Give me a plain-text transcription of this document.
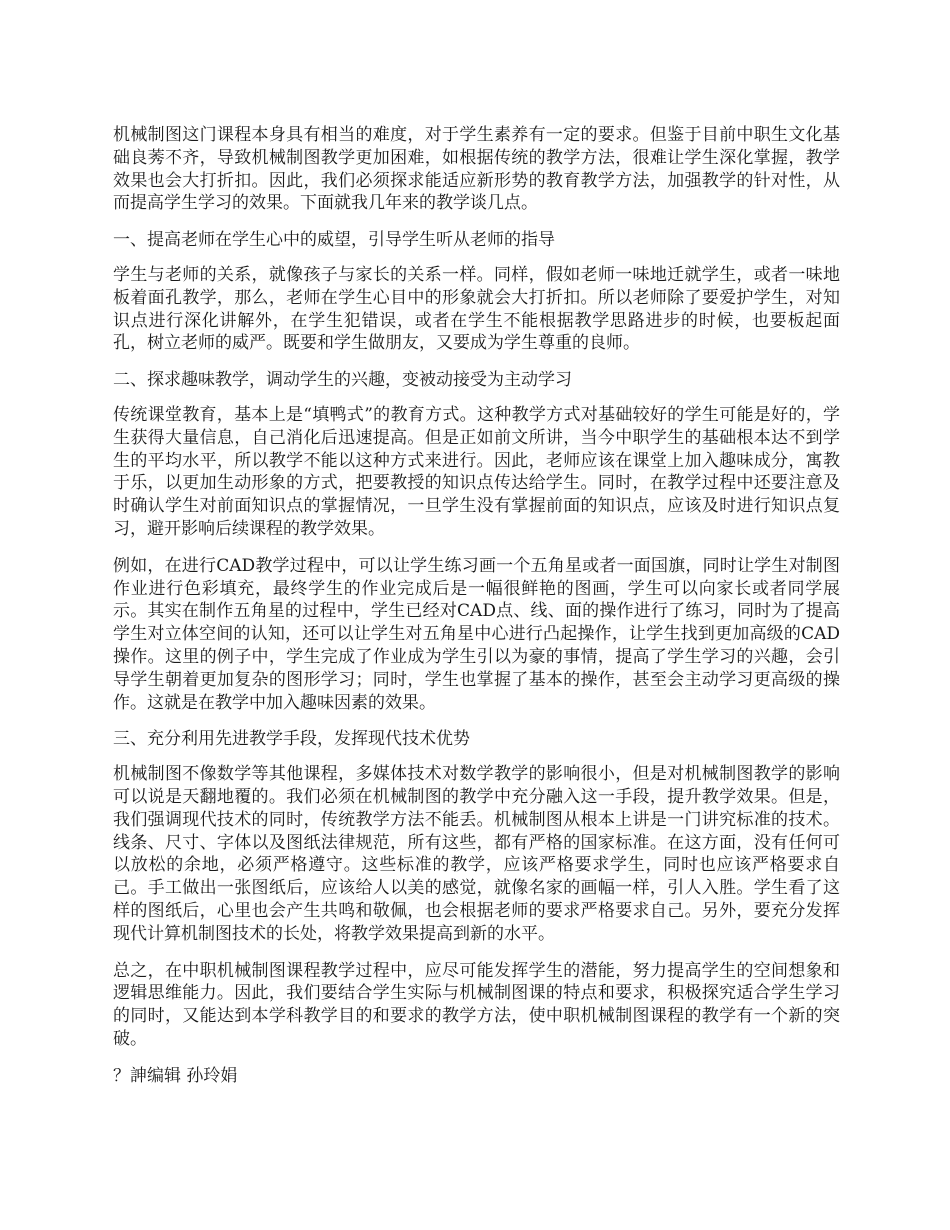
机械制图这门课程本身具有相当的难度，对于学生素养有一定的要求。但鉴于目前中职生文化基础良莠不齐，导致机械制图教学更加困难，如根据传统的教学方法，很难让学生深化掌握，教学效果也会大打折扣。因此，我们必须探求能适应新形势的教育教学方法，加强教学的针对性，从而提高学生学习的效果。下面就我几年来的教学谈几点。

一、提高老师在学生心中的威望，引导学生听从老师的指导

学生与老师的关系，就像孩子与家长的关系一样。同样，假如老师一味地迁就学生，或者一味地板着面孔教学，那么，老师在学生心目中的形象就会大打折扣。所以老师除了要爱护学生，对知识点进行深化讲解外，在学生犯错误，或者在学生不能根据教学思路进步的时候，也要板起面孔，树立老师的威严。既要和学生做朋友，又要成为学生尊重的良师。

二、探求趣味教学，调动学生的兴趣，变被动接受为主动学习

传统课堂教育，基本上是“填鸭式”的教育方式。这种教学方式对基础较好的学生可能是好的，学生获得大量信息，自己消化后迅速提高。但是正如前文所讲，当今中职学生的基础根本达不到学生的平均水平，所以教学不能以这种方式来进行。因此，老师应该在课堂上加入趣味成分，寓教于乐，以更加生动形象的方式，把要教授的知识点传达给学生。同时，在教学过程中还要注意及时确认学生对前面知识点的掌握情况，一旦学生没有掌握前面的知识点，应该及时进行知识点复习，避开影响后续课程的教学效果。

例如，在进行CAD教学过程中，可以让学生练习画一个五角星或者一面国旗，同时让学生对制图作业进行色彩填充，最终学生的作业完成后是一幅很鲜艳的图画，学生可以向家长或者同学展示。其实在制作五角星的过程中，学生已经对CAD点、线、面的操作进行了练习，同时为了提高学生对立体空间的认知，还可以让学生对五角星中心进行凸起操作，让学生找到更加高级的CAD操作。这里的例子中，学生完成了作业成为学生引以为豪的事情，提高了学生学习的兴趣，会引导学生朝着更加复杂的图形学习；同时，学生也掌握了基本的操作，甚至会主动学习更高级的操作。这就是在教学中加入趣味因素的效果。

三、充分利用先进教学手段，发挥现代技术优势

机械制图不像数学等其他课程，多媒体技术对数学教学的影响很小，但是对机械制图教学的影响可以说是天翻地覆的。我们必须在机械制图的教学中充分融入这一手段，提升教学效果。但是，我们强调现代技术的同时，传统教学方法不能丢。机械制图从根本上讲是一门讲究标准的技术。线条、尺寸、字体以及图纸法律规范，所有这些，都有严格的国家标准。在这方面，没有任何可以放松的余地，必须严格遵守。这些标准的教学，应该严格要求学生，同时也应该严格要求自己。手工做出一张图纸后，应该给人以美的感觉，就像名家的画幅一样，引人入胜。学生看了这样的图纸后，心里也会产生共鸣和敬佩，也会根据老师的要求严格要求自己。另外，要充分发挥现代计算机制图技术的长处，将教学效果提高到新的水平。

总之，在中职机械制图课程教学过程中，应尽可能发挥学生的潜能，努力提高学生的空间想象和逻辑思维能力。因此，我们要结合学生实际与机械制图课的特点和要求，积极探究适合学生学习的同时，又能达到本学科教学目的和要求的教学方法，使中职机械制图课程的教学有一个新的突破。

？訷编辑 孙玲娟
